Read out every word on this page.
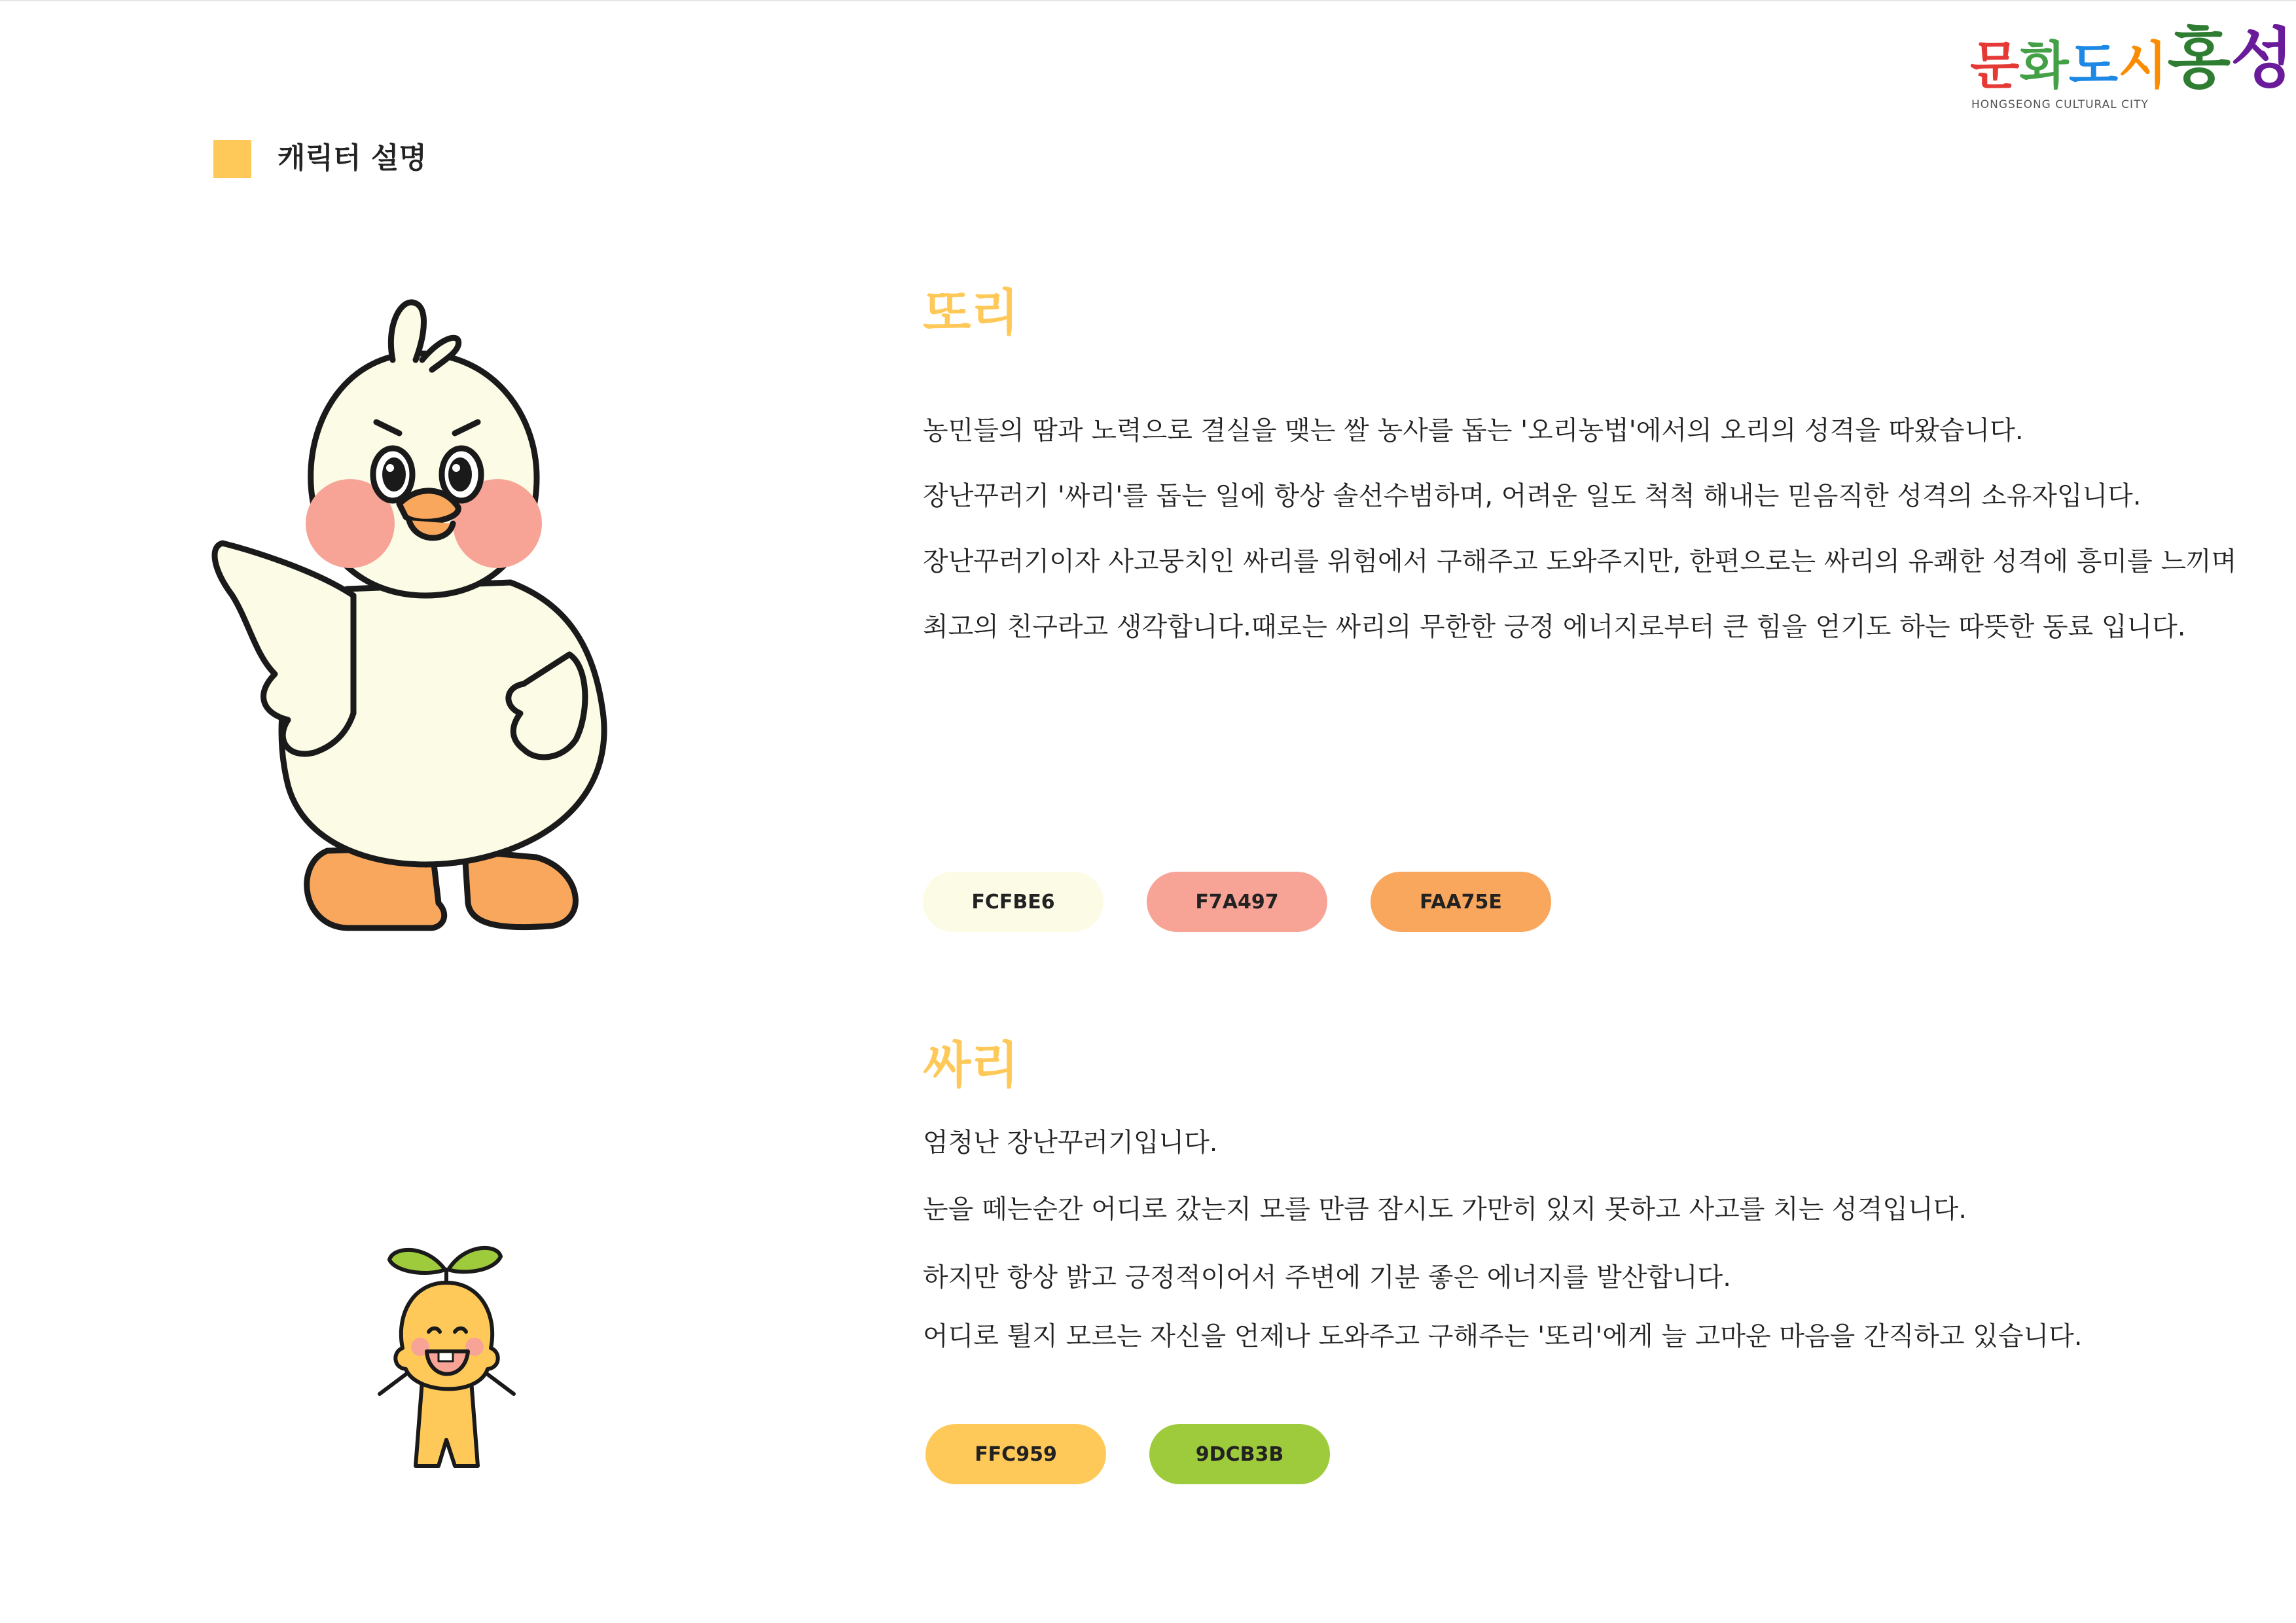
캐릭터 설명
문 화 도 시 홍 성
HONGSEONG CULTURAL CITY
또리
농민들의 땀과 노력으로 결실을 맺는 쌀 농사를 돕는 '오리농법'에서의 오리의 성격을 따왔습니다.
장난꾸러기 '싸리'를 돕는 일에 항상 솔선수범하며, 어려운 일도 척척 해내는 믿음직한 성격의 소유자입니다.
장난꾸러기이자 사고뭉치인 싸리를 위험에서 구해주고 도와주지만, 한편으로는 싸리의 유쾌한 성격에 흥미를 느끼며
최고의 친구라고 생각합니다.때로는 싸리의 무한한 긍정 에너지로부터 큰 힘을 얻기도 하는 따뜻한 동료 입니다.
FCFBE6	F7A497	FAA75E
싸리
엄청난 장난꾸러기입니다.
눈을 떼는순간 어디로 갔는지 모를 만큼 잠시도 가만히 있지 못하고 사고를 치는 성격입니다.
하지만 항상 밝고 긍정적이어서 주변에 기분 좋은 에너지를 발산합니다.
어디로 튈지 모르는 자신을 언제나 도와주고 구해주는 '또리'에게 늘 고마운 마음을 간직하고 있습니다.
FFC959	9DCB3B
